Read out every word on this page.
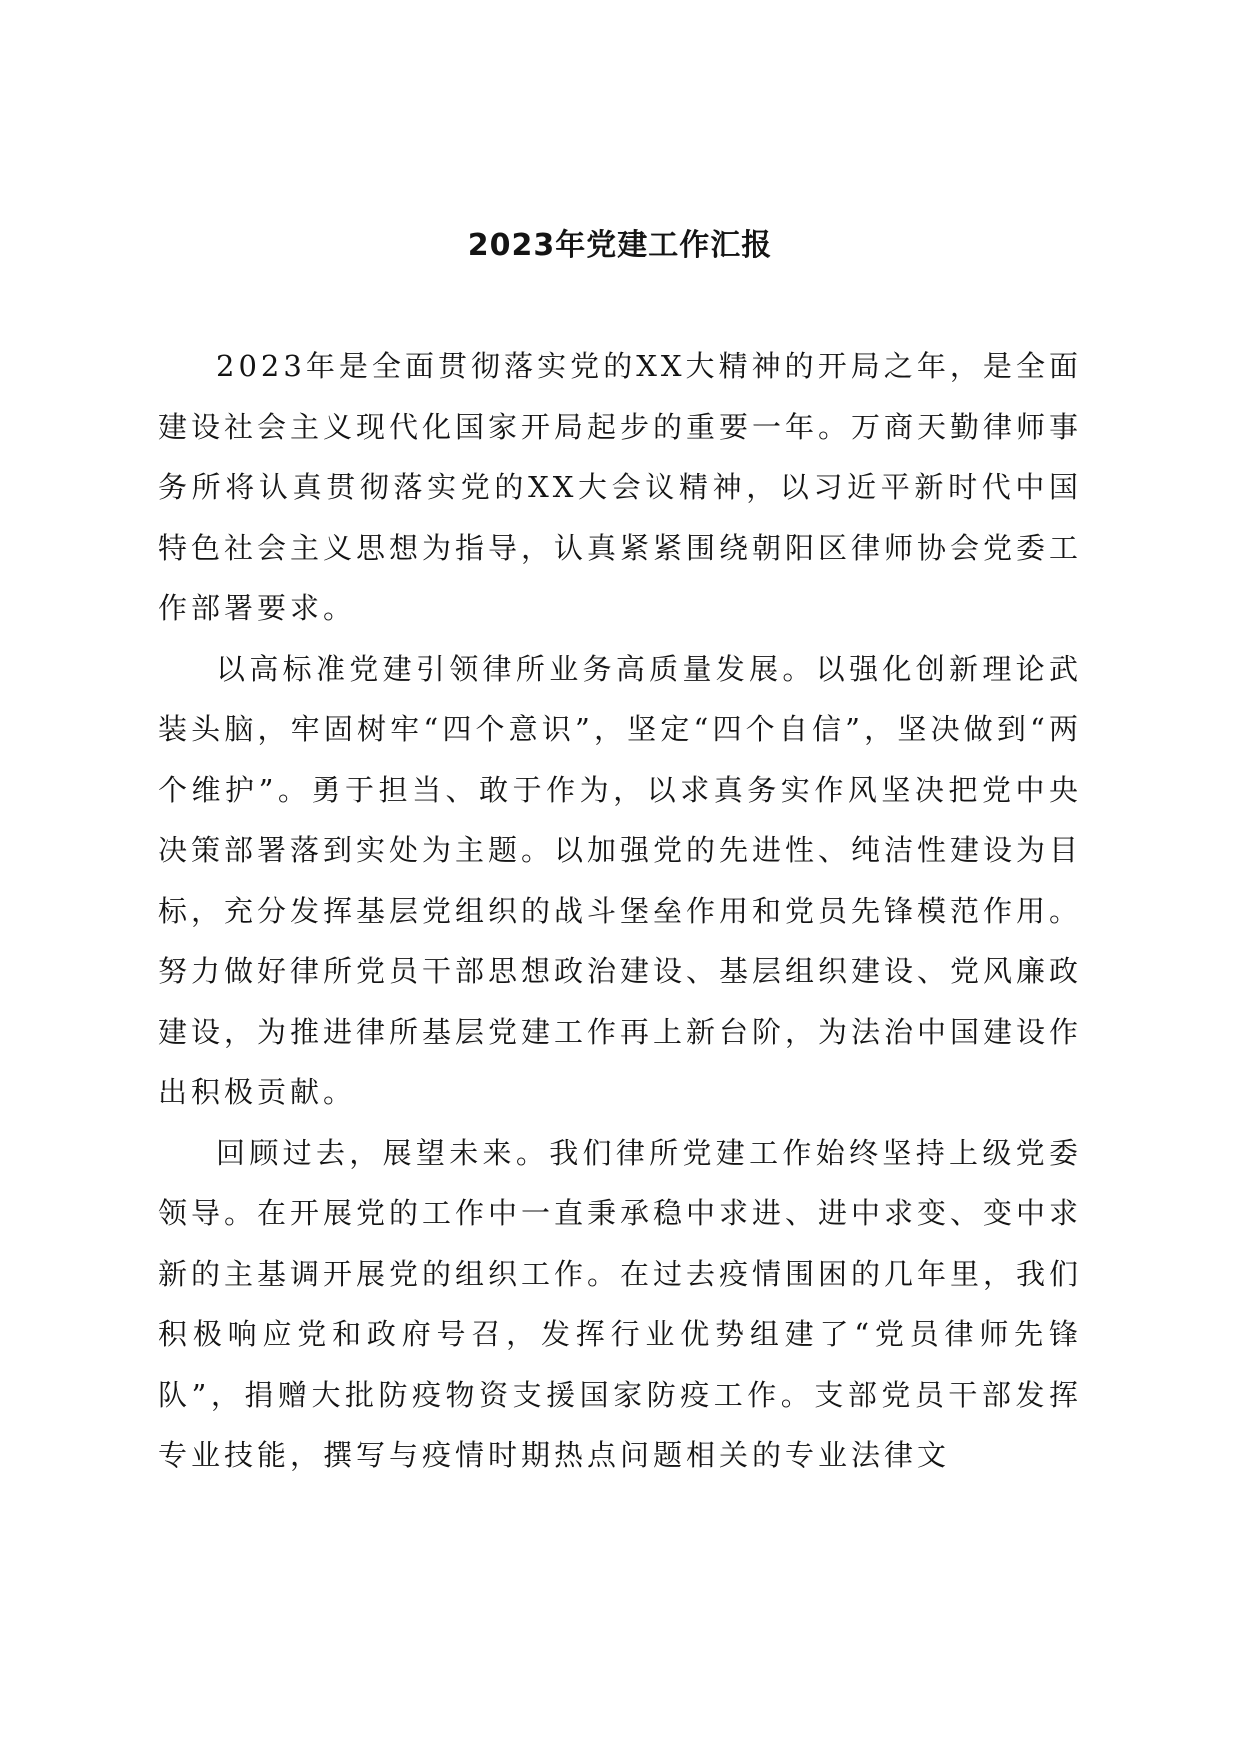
2023年党建工作汇报

2023年是全面贯彻落实党的XX大精神的开局之年，是全面建设社会主义现代化国家开局起步的重要一年。万商天勤律师事务所将认真贯彻落实党的XX大会议精神，以习近平新时代中国特色社会主义思想为指导，认真紧紧围绕朝阳区律师协会党委工作部署要求。

以高标准党建引领律所业务高质量发展。以强化创新理论武装头脑，牢固树牢“四个意识”，坚定“四个自信”，坚决做到“两个维护”。勇于担当、敢于作为，以求真务实作风坚决把党中央决策部署落到实处为主题。以加强党的先进性、纯洁性建设为目标，充分发挥基层党组织的战斗堡垒作用和党员先锋模范作用。努力做好律所党员干部思想政治建设、基层组织建设、党风廉政建设，为推进律所基层党建工作再上新台阶，为法治中国建设作出积极贡献。

回顾过去，展望未来。我们律所党建工作始终坚持上级党委领导。在开展党的工作中一直秉承稳中求进、进中求变、变中求新的主基调开展党的组织工作。在过去疫情围困的几年里，我们积极响应党和政府号召，发挥行业优势组建了“党员律师先锋队”，捐赠大批防疫物资支援国家防疫工作。支部党员干部发挥专业技能，撰写与疫情时期热点问题相关的专业法律文
